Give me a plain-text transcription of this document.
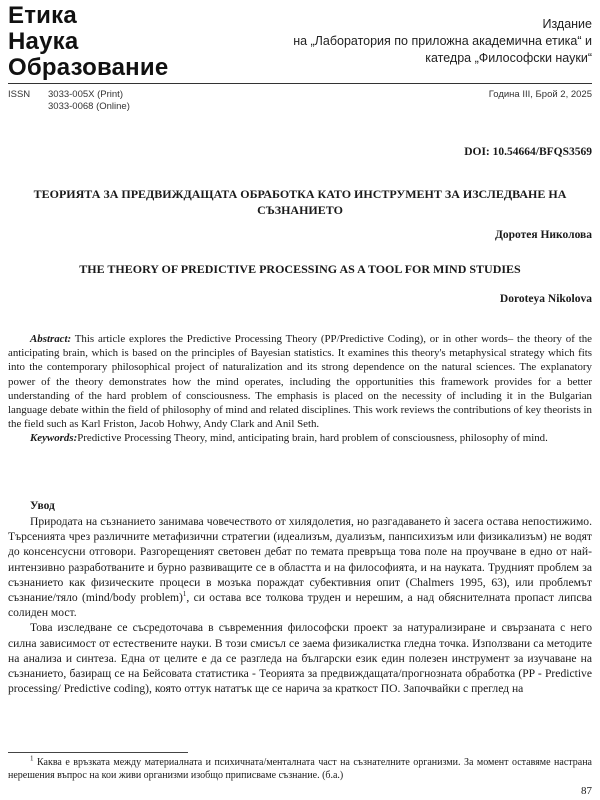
Етика
Наука
Образование
Издание
на „Лаборатория по приложна академична етика“ и
катедра „Философски науки“
ISSN 3033-005X (Print)
3033-0068 (Online)
Година III, Брой 2, 2025
DOI: 10.54664/BFQS3569
ТЕОРИЯТА ЗА ПРЕДВИЖДАЩАТА ОБРАБОТКА КАТО ИНСТРУМЕНТ ЗА ИЗСЛЕДВАНЕ НА СЪЗНАНИЕТО
Доротея Николова
THE THEORY OF PREDICTIVE PROCESSING AS A TOOL FOR MIND STUDIES
Doroteya Nikolova

Abstract: This article explores the Predictive Processing Theory (PP/Predictive Coding), or in other words– the theory of the anticipating brain, which is based on the principles of Bayesian statistics. It examines this theory's metaphysical strategy which fits into the contemporary philosophical project of naturalization and its strong dependence on the natural sciences. The explanatory power of the theory demonstrates how the mind operates, including the opportunities this framework provides for a better understanding of the hard problem of consciousness. The emphasis is placed on the necessity of including it in the Bulgarian language debate within the field of philosophy of mind and related disciplines. This work reviews the contributions of key theorists in the field such as Karl Friston, Jacob Hohwy, Andy Clark and Anil Seth.

Keywords:Predictive Processing Theory, mind, anticipating brain, hard problem of consciousness, philosophy of mind.

Увод

Природата на съзнанието занимава човечеството от хилядолетия, но разгадаването ѝ засега остава непостижимо. Търсенията чрез различните метафизични стратегии (идеализъм, дуализъм, панпсихизъм или физикализъм) не водят до консенсусни отговори. Разгорещеният световен дебат по темата превръща това поле на проучване в едно от най-интензивно разработваните и бурно развиващите се в областта и на философията, и на науката. Трудният проблем за съзнанието как физическите процеси в мозъка пораждат субективния опит (Chalmers 1995, 63), или проблемът съзнание/тяло (mind/body problem)$^1$, си остава все толкова труден и нерешим, а над обяснителната пропаст липсва солиден мост.

Това изследване се съсредоточава в съвременния философски проект за натурализиране и свързаната с него силна зависимост от естествените науки. В този смисъл се заема физикалистка гледна точка. Използвани са методите на анализа и синтеза. Една от целите е да се разгледа на български език един полезен инструмент за изучаване на съзнанието, базиращ се на Бейсовата статистика - Теорията за предвиждащата/прогнозната обработка (PP - Predictive processing/ Predictive coding), която оттук нататък ще се нарича за краткост ПО. Започвайки с преглед на

$^1$ Каква е връзката между материалната и психичната/менталната част на съзнателните организми. За момент оставяме настрана нерешения въпрос на кои живи организми изобщо приписваме съзнание. (б.а.)
87
